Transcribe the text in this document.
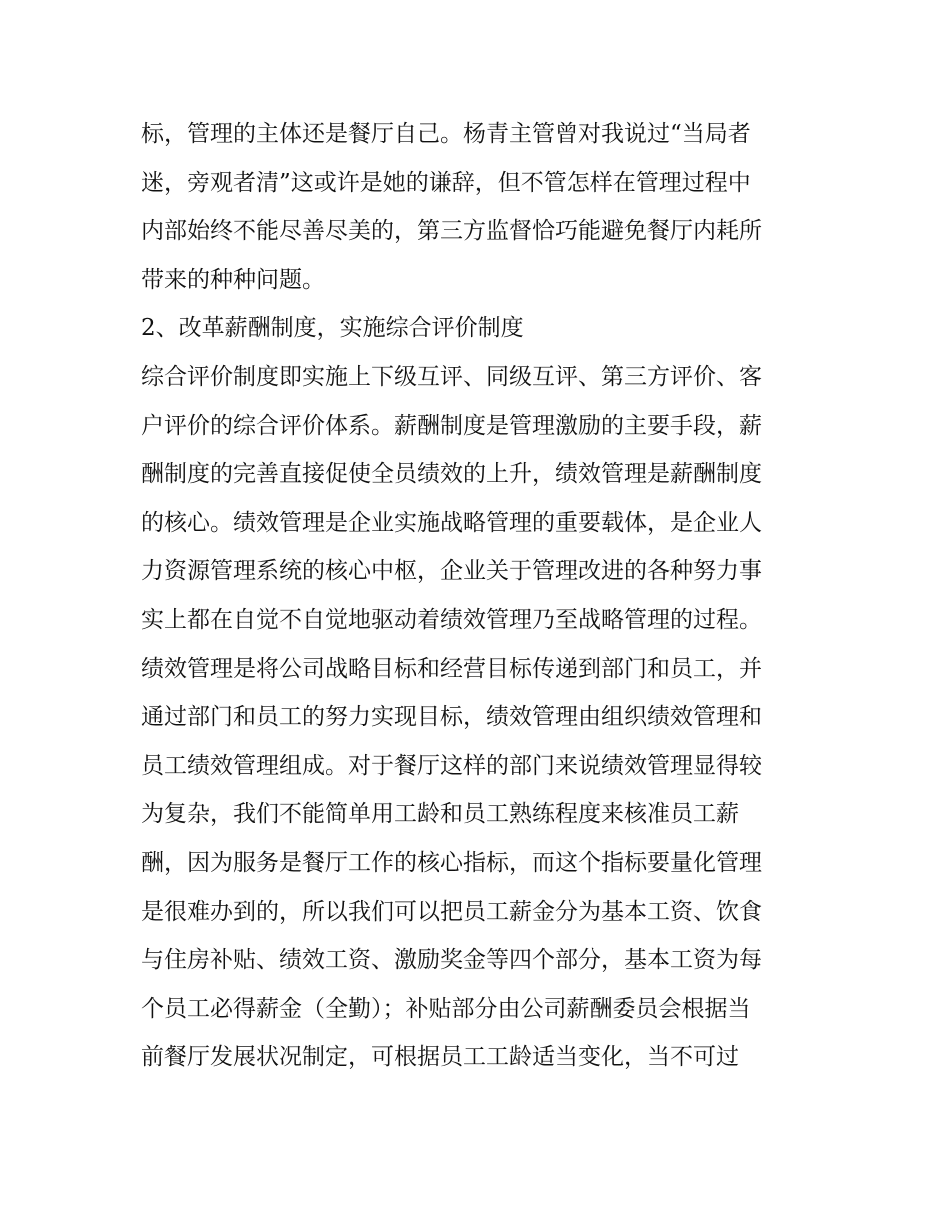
标，管理的主体还是餐厅自己。杨青主管曾对我说过“当局者

迷，旁观者清”这或许是她的谦辞，但不管怎样在管理过程中

内部始终不能尽善尽美的，第三方监督恰巧能避免餐厅内耗所

带来的种种问题。

2、改革薪酬制度，实施综合评价制度

综合评价制度即实施上下级互评、同级互评、第三方评价、客

户评价的综合评价体系。薪酬制度是管理激励的主要手段，薪

酬制度的完善直接促使全员绩效的上升，绩效管理是薪酬制度

的核心。绩效管理是企业实施战略管理的重要载体，是企业人

力资源管理系统的核心中枢，企业关于管理改进的各种努力事

实上都在自觉不自觉地驱动着绩效管理乃至战略管理的过程。

绩效管理是将公司战略目标和经营目标传递到部门和员工，并

通过部门和员工的努力实现目标，绩效管理由组织绩效管理和

员工绩效管理组成。对于餐厅这样的部门来说绩效管理显得较

为复杂，我们不能简单用工龄和员工熟练程度来核准员工薪

酬，因为服务是餐厅工作的核心指标，而这个指标要量化管理

是很难办到的，所以我们可以把员工薪金分为基本工资、饮食

与住房补贴、绩效工资、激励奖金等四个部分，基本工资为每

个员工必得薪金（全勤）；补贴部分由公司薪酬委员会根据当

前餐厅发展状况制定，可根据员工工龄适当变化，当不可过
